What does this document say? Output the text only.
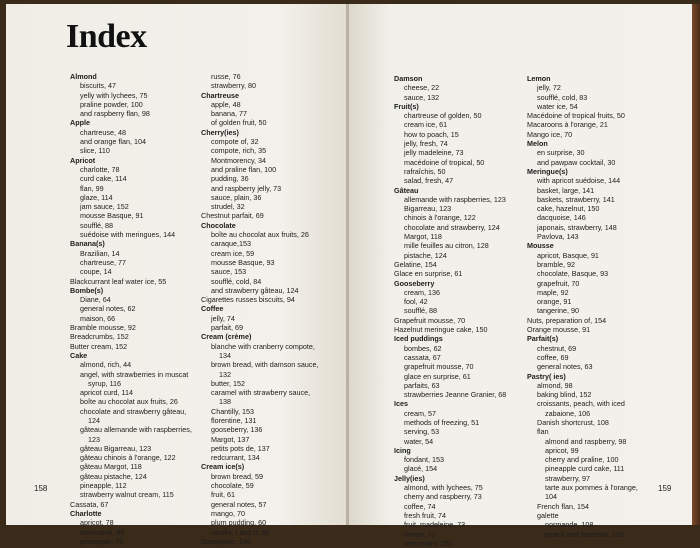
Index
Almond
biscuits, 47
yelly with lychees, 75
praline powder, 100
and raspberry flan, 98
Apple
chartreuse, 48
and orange flan, 104
slice, 110
Apricot
charlotte, 78
curd cake, 114
flan, 99
glaze, 114
jam sauce, 152
mousse Basque, 91
soufflé, 88
suédoise with meringues, 144
Banana(s)
Brazilian, 14
chartreuse, 77
coupe, 14
Blackcurrant leaf water ice, 55
Bombe(s)
Diane, 64
general notes, 62
maison, 66
Bramble mousse, 92
Breadcrumbs, 152
Butter cream, 152
Cake
almond, rich, 44
angel, with strawberries in muscat
syrup, 116
apricot curd, 114
boîte au chocolat aux fruits, 26
chocolate and strawberry gâteau,
124
gâteau allemande with raspberries,
123
gâteau Bigarreau, 123
gâteau chinois à l'orange, 122
gâteau Margot, 118
gâteau pistache, 124
pineapple, 112
strawberry walnut cream, 115
Cassata, 67
Charlotte
apricot, 78
mexicaine, 80
pineapple, 75
russe, 76
strawberry, 80
Chartreuse
apple, 48
banana, 77
of golden fruit, 50
Cherry(ies)
compote of, 32
compote, rich, 35
Montmorency, 34
and praline flan, 100
pudding, 36
and raspberry jelly, 73
sauce, plain, 36
strudel, 32
Chestnut parfait, 69
Chocolate
boîte au chocolat aux fruits, 26
caraque,153
cream ice, 59
mousse Basque, 93
sauce, 153
soufflé, cold, 84
and strawberry gâteau, 124
Cigarettes russes biscuits, 94
Coffee
jelly, 74
parfait, 69
Cream (crème)
blanche with cranberry compote,
134
brown bread, with damson sauce,
132
butter, 152
caramel with strawberry sauce,
138
Chantilly, 153
florentine, 131
gooseberry, 136
Margot, 137
petits pots de, 137
redcurrant, 134
Cream ice(s)
brown bread, 59
chocolate, 59
fruit, 61
general notes, 57
mango, 70
plum pudding, 60
vanilla, I and II, 58
Dacquoise, 146
Damson
cheese, 22
sauce, 132
Fruit(s)
chartreuse of golden, 50
cream ice, 61
how to poach, 15
jelly, fresh, 74
jelly madeleine, 73
macédoine of tropical, 50
rafraîchis, 50
salad, fresh, 47
Gâteau
allemande with raspberries, 123
Bigarreau, 123
chinois à l'orange, 122
chocolate and strawberry, 124
Margot, 118
mille feuilles au citron, 128
pistache, 124
Gelatine, 154
Glace en surprise, 61
Gooseberry
cream, 136
fool, 42
soufflé, 88
Grapefruit mousse, 70
Hazelnut meringue cake, 150
Iced puddings
bombes, 62
cassata, 67
grapefruit mousse, 70
glace en surprise, 61
parfaits, 63
strawberries Jeanne Granier, 68
Ices
cream, 57
methods of freezing, 51
serving, 53
water, 54
Icing
fondant, 153
glacé, 154
Jelly(ies)
almond, with lychees, 75
cherry and raspberry, 73
coffee, 74
fresh fruit, 74
fruit, madeleine, 73
lemon, 72
redcurrant, 155
Lemon
jelly, 72
soufflé, cold, 83
water ice, 54
Macédoine of tropical fruits, 50
Macaroons à l'orange, 21
Mango ice, 70
Melon
en surprise, 30
and pawpaw cocktail, 30
Meringue(s)
with apricot suédoise, 144
basket, large, 141
baskets, strawberry, 141
cake, hazelnut, 150
dacquoise, 146
japonais, strawberry, 148
Pavlova, 143
Mousse
apricot, Basque, 91
bramble, 92
chocolate, Basque, 93
grapefruit, 70
maple, 92
orange, 91
tangerine, 90
Nuts, preparation of, 154
Orange mousse, 91
Parfait(s)
chestnut, 69
coffee, 69
general notes, 63
Pastry( ies)
almond, 98
baking blind, 152
croissants, peach, with iced
zabaione, 106
Danish shortcrust, 108
flan
almond and raspberry, 98
apricot, 99
cherry and praline, 100
pineapple curd cake, 111
strawberry, 97
tarte aux pommes à l'orange,
104
French flan, 154
galette
normande, 108
peach and hazelnut, 126
158	159
